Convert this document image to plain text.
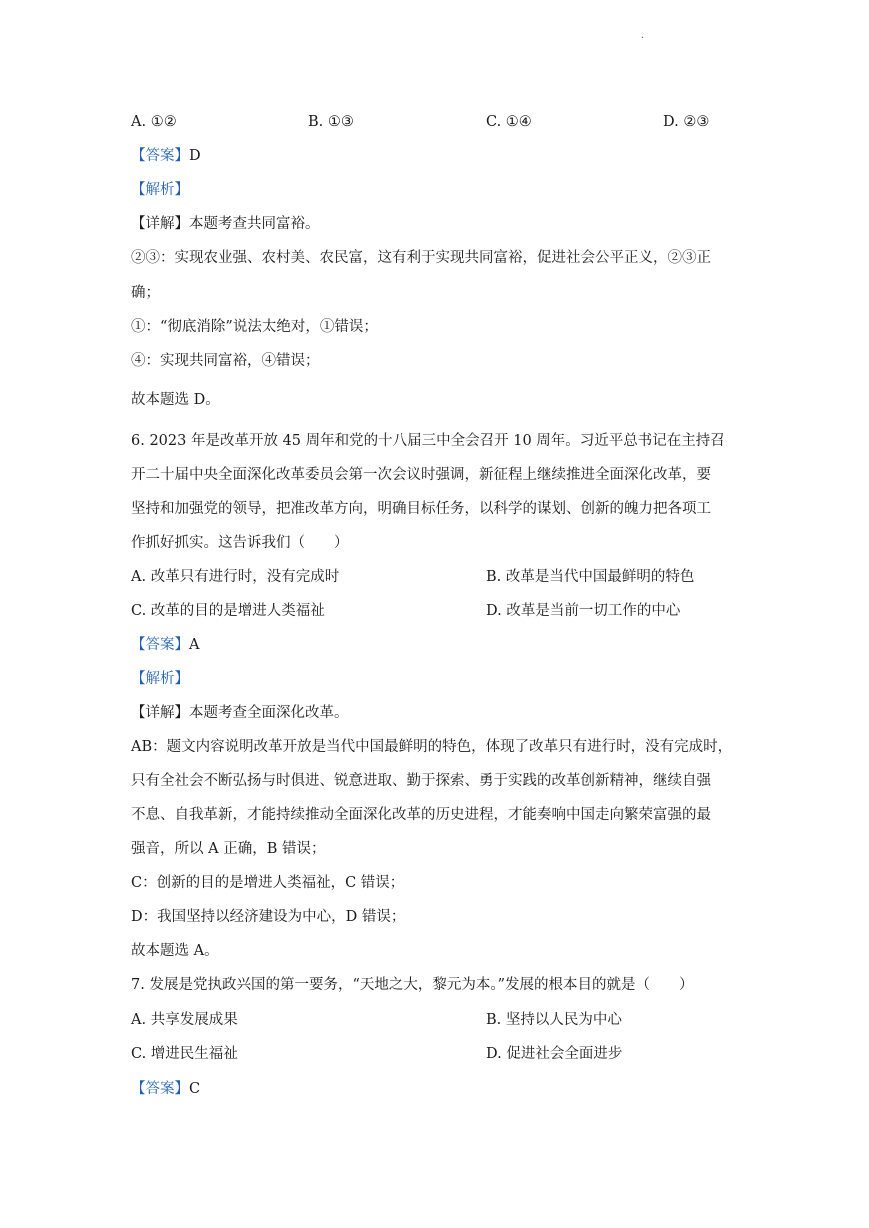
.
A. ①②	B. ①③	C. ①④	D. ②③
【答案】D
【解析】
【详解】本题考查共同富裕。
②③：实现农业强、农村美、农民富，这有利于实现共同富裕，促进社会公平正义，②③正
确；
①：“彻底消除”说法太绝对，①错误；
④：实现共同富裕，④错误；
故本题选 D。
6. 2023 年是改革开放 45 周年和党的十八届三中全会召开 10 周年。习近平总书记在主持召
开二十届中央全面深化改革委员会第一次会议时强调，新征程上继续推进全面深化改革，要
坚持和加强党的领导，把准改革方向，明确目标任务，以科学的谋划、创新的魄力把各项工
作抓好抓实。这告诉我们（　　）
A. 改革只有进行时，没有完成时	B. 改革是当代中国最鲜明的特色
C. 改革的目的是增进人类福祉	D. 改革是当前一切工作的中心
【答案】A
【解析】
【详解】本题考查全面深化改革。
AB：题文内容说明改革开放是当代中国最鲜明的特色，体现了改革只有进行时，没有完成时，
只有全社会不断弘扬与时俱进、锐意进取、勤于探索、勇于实践的改革创新精神，继续自强
不息、自我革新，才能持续推动全面深化改革的历史进程，才能奏响中国走向繁荣富强的最
强音，所以 A 正确，B 错误；
C：创新的目的是增进人类福祉，C 错误；
D：我国坚持以经济建设为中心，D 错误；
故本题选 A。
7. 发展是党执政兴国的第一要务，“天地之大，黎元为本。”发展的根本目的就是（　　）
A. 共享发展成果	B. 坚持以人民为中心
C. 增进民生福祉	D. 促进社会全面进步
【答案】C
